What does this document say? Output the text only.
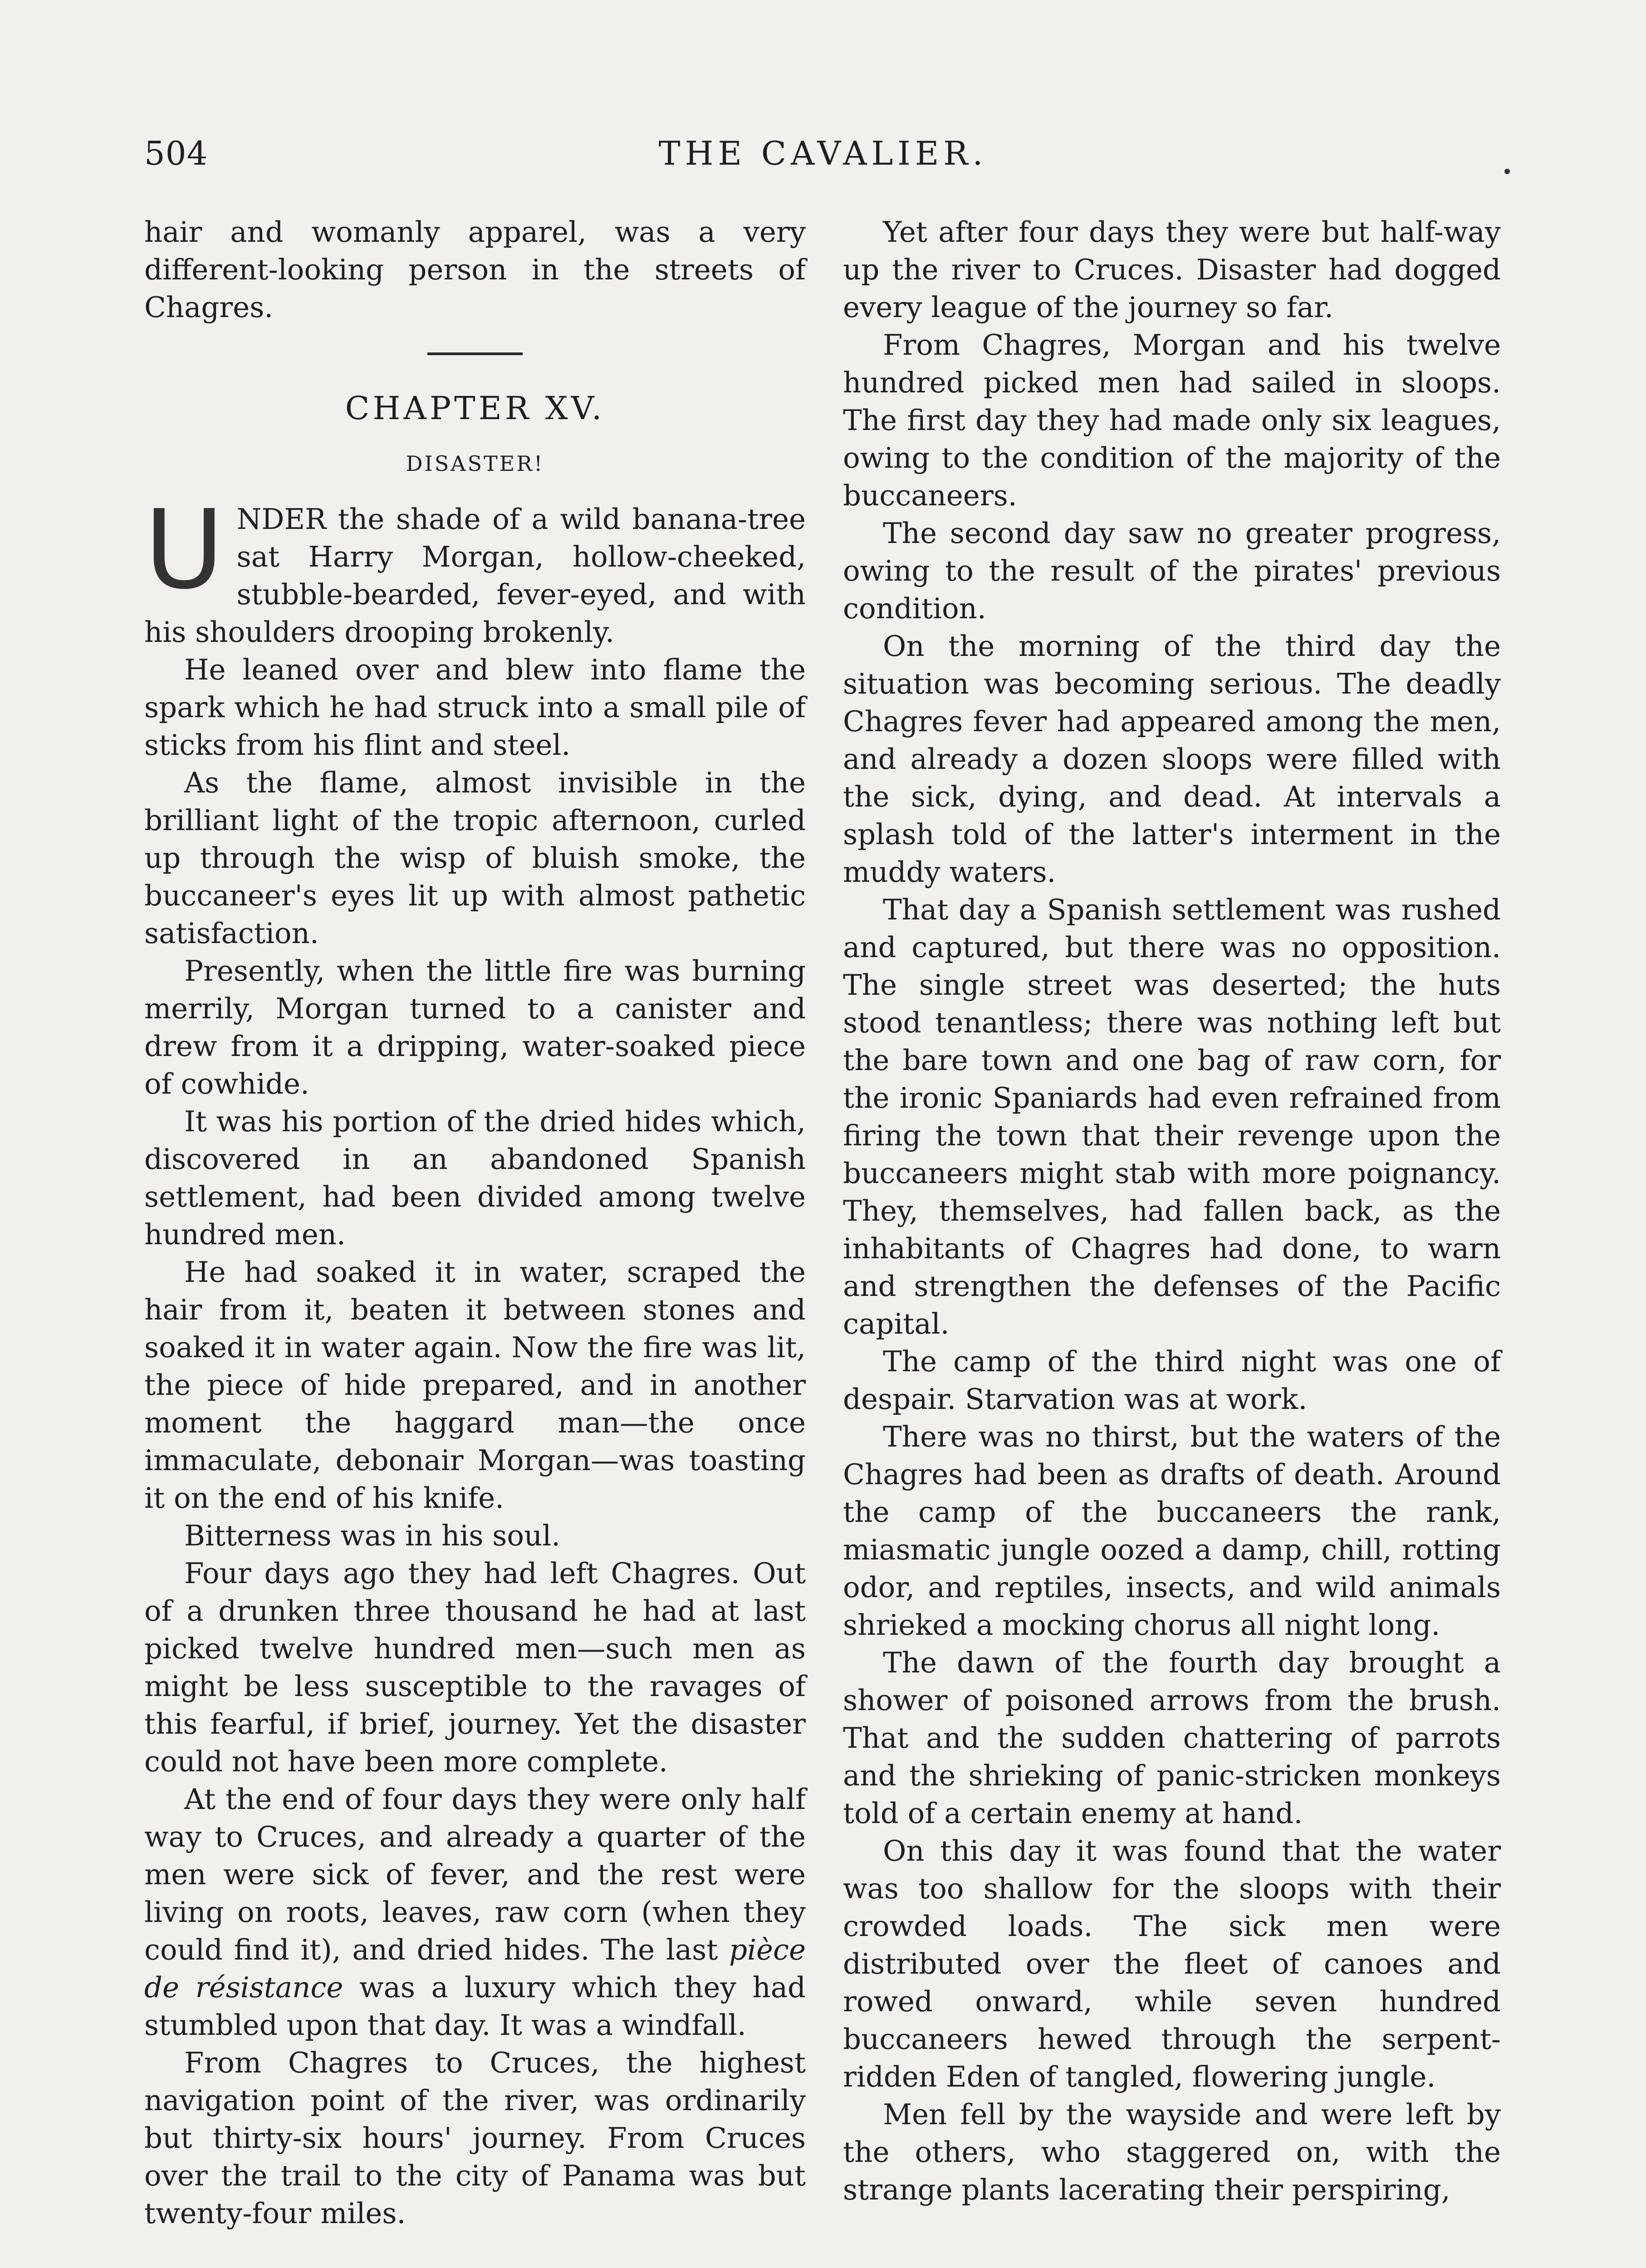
504	THE CAVALIER.

hair and womanly apparel, was a very different-looking person in the streets of Chagres.

CHAPTER XV.
DISASTER!

UNDER the shade of a wild banana-tree sat Harry Morgan, hollow-cheeked, stubble-bearded, fever-eyed, and with his shoulders drooping brokenly.

He leaned over and blew into flame the spark which he had struck into a small pile of sticks from his flint and steel.

As the flame, almost invisible in the brilliant light of the tropic afternoon, curled up through the wisp of bluish smoke, the buccaneer's eyes lit up with almost pathetic satisfaction.

Presently, when the little fire was burning merrily, Morgan turned to a canister and drew from it a dripping, water-soaked piece of cowhide.

It was his portion of the dried hides which, discovered in an abandoned Spanish settlement, had been divided among twelve hundred men.

He had soaked it in water, scraped the hair from it, beaten it between stones and soaked it in water again. Now the fire was lit, the piece of hide prepared, and in another moment the haggard man—the once immaculate, debonair Morgan—was toasting it on the end of his knife.

Bitterness was in his soul.

Four days ago they had left Chagres. Out of a drunken three thousand he had at last picked twelve hundred men—such men as might be less susceptible to the ravages of this fearful, if brief, journey. Yet the disaster could not have been more complete.

At the end of four days they were only half way to Cruces, and already a quarter of the men were sick of fever, and the rest were living on roots, leaves, raw corn (when they could find it), and dried hides. The last pièce de résistance was a luxury which they had stumbled upon that day. It was a windfall.

From Chagres to Cruces, the highest navigation point of the river, was ordinarily but thirty-six hours' journey. From Cruces over the trail to the city of Panama was but twenty-four miles.

Yet after four days they were but half-way up the river to Cruces. Disaster had dogged every league of the journey so far.

From Chagres, Morgan and his twelve hundred picked men had sailed in sloops. The first day they had made only six leagues, owing to the condition of the majority of the buccaneers.

The second day saw no greater progress, owing to the result of the pirates' previous condition.

On the morning of the third day the situation was becoming serious. The deadly Chagres fever had appeared among the men, and already a dozen sloops were filled with the sick, dying, and dead. At intervals a splash told of the latter's interment in the muddy waters.

That day a Spanish settlement was rushed and captured, but there was no opposition. The single street was deserted; the huts stood tenantless; there was nothing left but the bare town and one bag of raw corn, for the ironic Spaniards had even refrained from firing the town that their revenge upon the buccaneers might stab with more poignancy. They, themselves, had fallen back, as the inhabitants of Chagres had done, to warn and strengthen the defenses of the Pacific capital.

The camp of the third night was one of despair. Starvation was at work.

There was no thirst, but the waters of the Chagres had been as drafts of death. Around the camp of the buccaneers the rank, miasmatic jungle oozed a damp, chill, rotting odor, and reptiles, insects, and wild animals shrieked a mocking chorus all night long.

The dawn of the fourth day brought a shower of poisoned arrows from the brush. That and the sudden chattering of parrots and the shrieking of panic-stricken monkeys told of a certain enemy at hand.

On this day it was found that the water was too shallow for the sloops with their crowded loads. The sick men were distributed over the fleet of canoes and rowed onward, while seven hundred buccaneers hewed through the serpent-ridden Eden of tangled, flowering jungle.

Men fell by the wayside and were left by the others, who staggered on, with the strange plants lacerating their perspiring,
